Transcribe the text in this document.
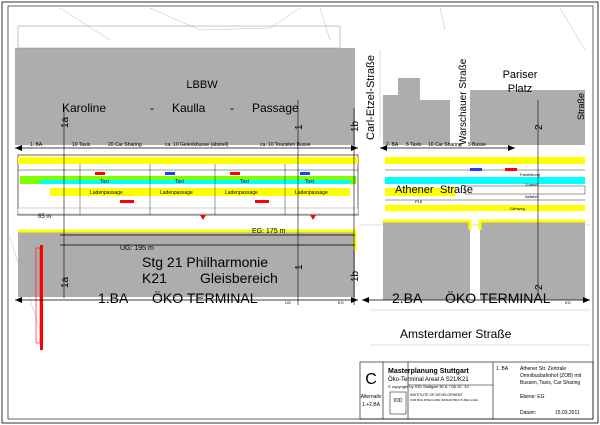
LBBW
Karoline	- Kaulla - Passage
Pariser
Platz
Carl-Etzel-Straße	Warschauer Straße	Straße
Athener Straße
Amsterdamer Straße
1a
1a
1b
1b
1
1
2
2
1. BA	10 Taxis	20 Car Sharing	ca. 10 Gelenkbusse (abstell)	ca. 10 Touristen Busse	2. BA 5 Taxis 16 Car Sharing 5 Busse
Taxi	Taxi	Taxi	Taxi
Ladenpassage	Ladenpassage	Ladenpassage	Ladenpassage
P18
Fahrleitung
Zufahrt
Abfahrt
Gehweg
EG: 175 m
UG: 195 m
65 m
UG	EG	EG
Stg 21 Philharmonie
K21 Gleisbereich
1.BA ÖKO TERMINAL	2.BA ÖKO TERMINAL
C
Alternativ
1.+2.BA
Masterplanung Stuttgart
Öko-Terminal Areal A S21/K21
© copyright by IOD Stuttgart 30.6. / 06.10. '10
IOD
INSTITUTE OF DEVELOPMENT
FOR BUILDINGS AND INFRASTRUCTURE GmbH
1. BA Athener Str. Zentrale
Omnibusbahnhof (ZOB) mit
Bussen, Taxis, Car Sharing
Ebene: EG
Datum:	15.03.2011
